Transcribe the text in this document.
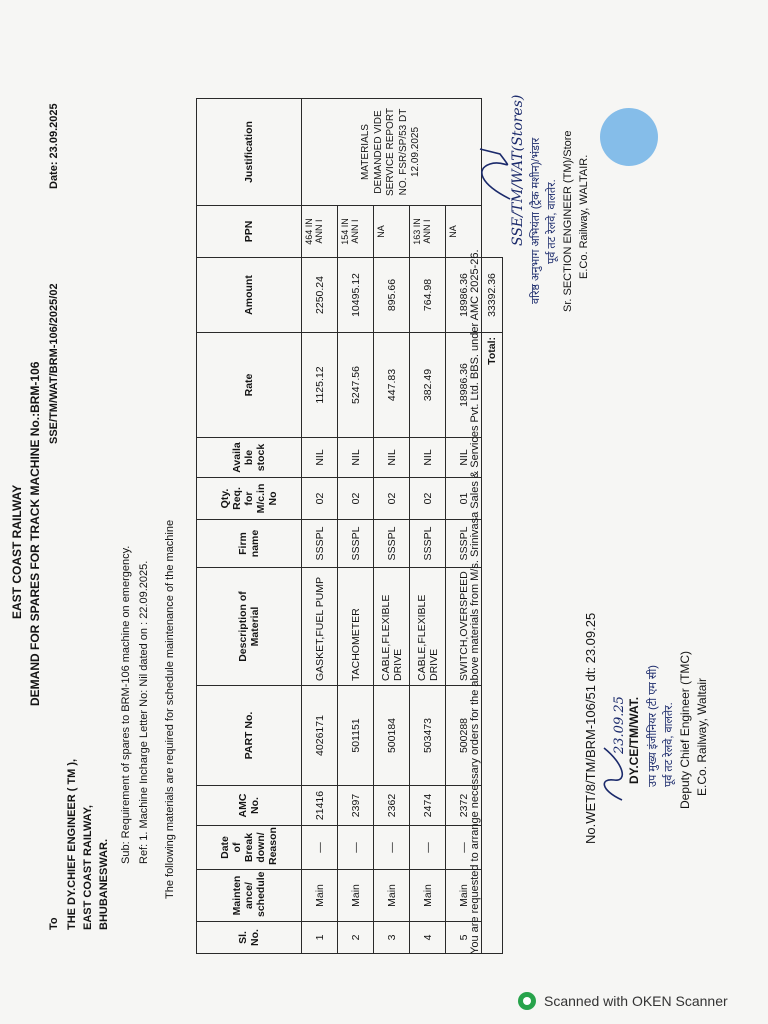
EAST COAST RAILWAY DEMAND FOR SPARES FOR TRACK MACHINE No.:BRM-106 SSE/TM/WAT/BRM-106/2025/02
Date: 23.09.2025
To THE DY.CHIEF ENGINEER ( TM ), EAST COAST RAILWAY, BHUBANESWAR.
Sub: Requirement of spares to BRM-106 machine on emergency. Ref: 1. Machine Incharge Letter No: Nil dated on : 22.09.2025. The following materials are required for schedule maintenance of the machine
Sl. No.	Mainten ance/ schedule	Date of Break down/ Reason	AMC No.	PART No.	Description of Material	Firm name	Qty. Req. for M/c.in No	Availa ble stock	Rate	Amount	PPN	Justification
1	Main	—	21416	4026171	GASKET,FUEL PUMP	SSSPL	02	NIL	1125.12	2250.24	464 IN ANN I	MATERIALS DEMANDED VIDE SERVICE REPORT NO. FSR/SP/53 DT 12.09.2025
2	Main	—	2397	501151	TACHOMETER	SSSPL	02	NIL	5247.56	10495.12	154 IN ANN I	
3	Main	—	2362	500184	CABLE,FLEXIBLE DRIVE	SSSPL	02	NIL	447.83	895.66	NA	
4	Main	—	2474	503473	CABLE,FLEXIBLE DRIVE	SSSPL	02	NIL	382.49	764.98	163 IN ANN I	
5	Main	—	2372	500288	SWITCH,OVERSPEED	SSSPL	01	NIL	18986.36	18986.36	NA	
Total:										33392.36		
You are requested to arrange necessary orders for the above materials from M/s. Srinivasa Sales & Services Pvt. Ltd. BBS. under AMC 2025-26.
SSE/TM/WAT(Stores) वरिष्ठ अनुभाग अभियंता (ट्रैक मशीन)/भंडार पूर्व तट रेलवे, वालतेर. Sr. SECTION ENGINEER (TM)/Store E.Co. Railway, WALTAIR.
No.WET/8/TM/BRM-106/51 dt: 23.09.25 23.09.25 DY.CE/TM/WAT. उप मुख्य इंजीनियर (टी एम सी) पूर्व तट रेलवे, वालतेर. Deputy Chief Engineer (TMC) E.Co. Railway, Waltair
Scanned with OKEN Scanner
